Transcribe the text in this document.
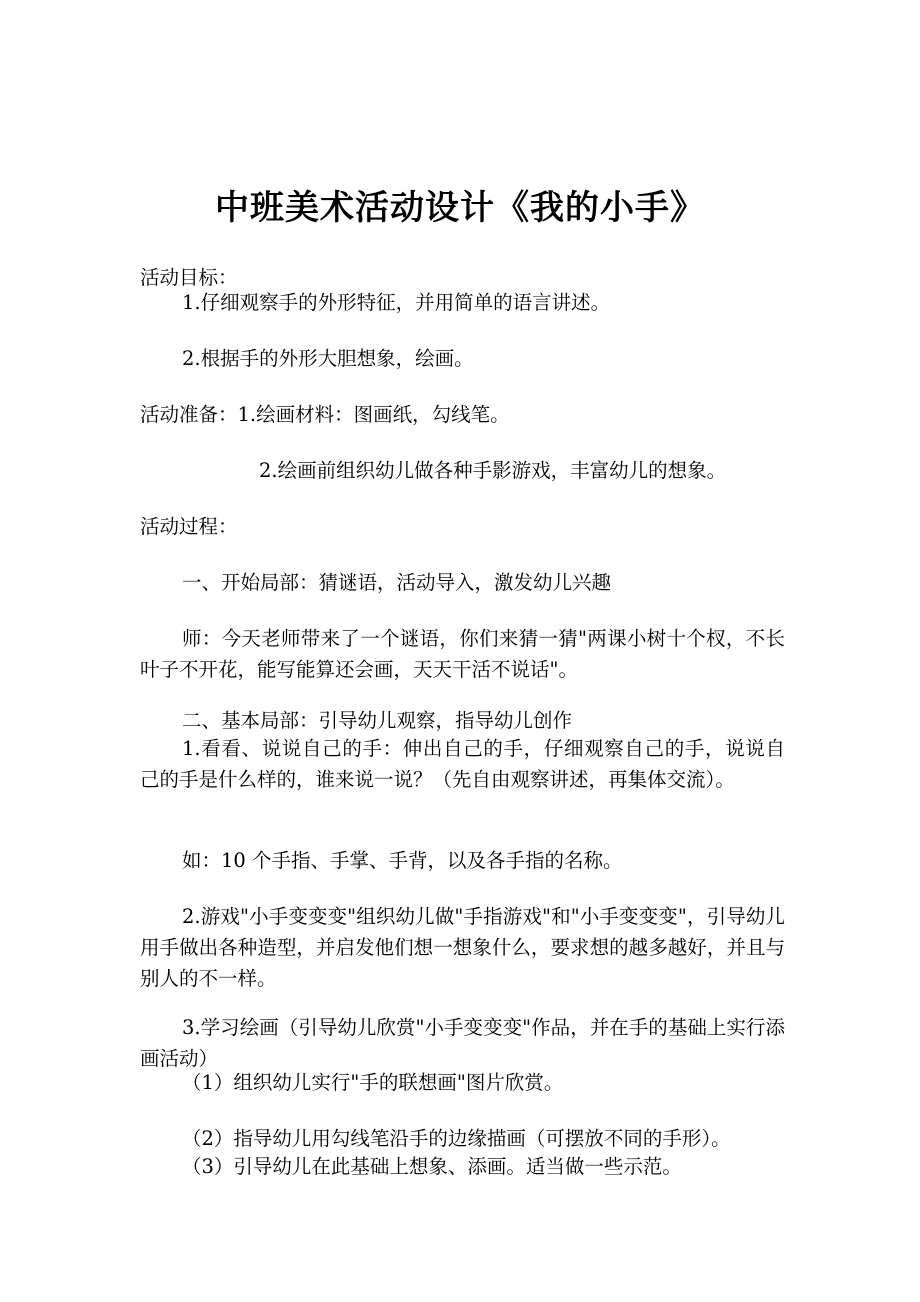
中班美术活动设计《我的小手》
活动目标：
1.仔细观察手的外形特征，并用简单的语言讲述。
2.根据手的外形大胆想象，绘画。
活动准备：1.绘画材料：图画纸，勾线笔。
2.绘画前组织幼儿做各种手影游戏，丰富幼儿的想象。
活动过程：
一、开始局部：猜谜语，活动导入，激发幼儿兴趣
师：今天老师带来了一个谜语，你们来猜一猜"两课小树十个杈，不长叶子不开花，能写能算还会画，天天干活不说话"。
二、基本局部：引导幼儿观察，指导幼儿创作
1.看看、说说自己的手：伸出自己的手，仔细观察自己的手，说说自己的手是什么样的，谁来说一说？（先自由观察讲述，再集体交流）。
如：10 个手指、手掌、手背，以及各手指的名称。
2.游戏"小手变变变"组织幼儿做"手指游戏"和"小手变变变"，引导幼儿用手做出各种造型，并启发他们想一想象什么，要求想的越多越好，并且与别人的不一样。
3.学习绘画（引导幼儿欣赏"小手变变变"作品，并在手的基础上实行添画活动）
（1）组织幼儿实行"手的联想画"图片欣赏。
（2）指导幼儿用勾线笔沿手的边缘描画（可摆放不同的手形）。
（3）引导幼儿在此基础上想象、添画。适当做一些示范。
